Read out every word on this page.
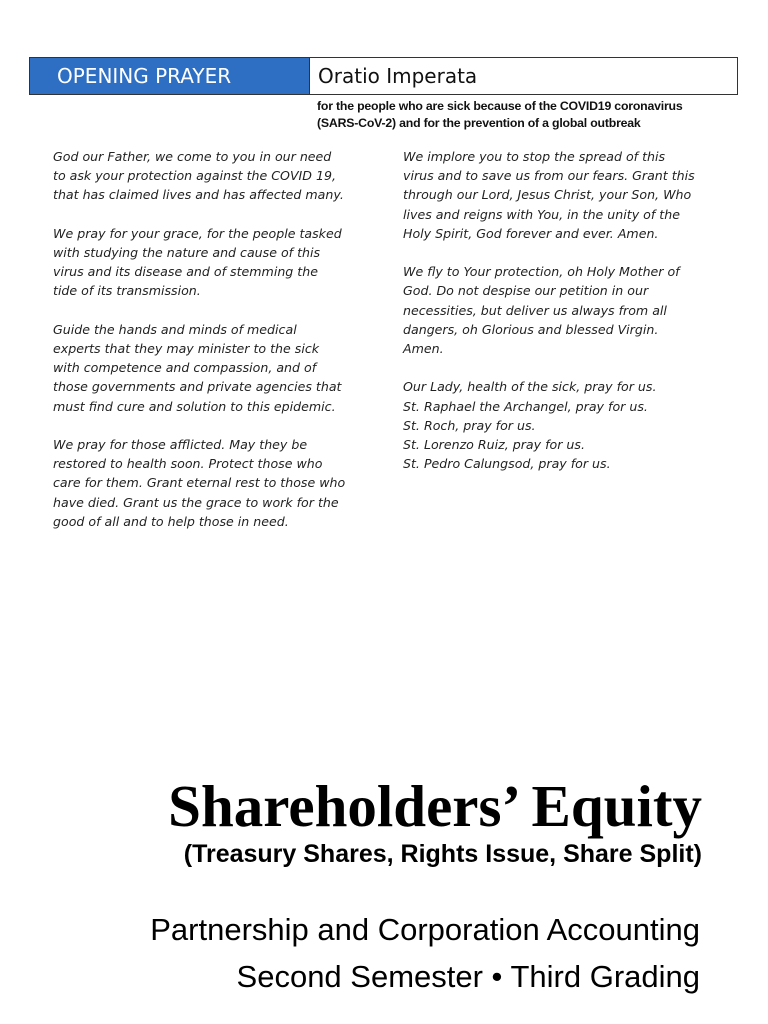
OPENING PRAYER	Oratio Imperata
for the people who are sick because of the COVID19 coronavirus
(SARS-CoV-2) and for the prevention of a global outbreak

God our Father, we come to you in our need
to ask your protection against the COVID 19,
that has claimed lives and has affected many.

We pray for your grace, for the people tasked
with studying the nature and cause of this
virus and its disease and of stemming the
tide of its transmission.

Guide the hands and minds of medical
experts that they may minister to the sick
with competence and compassion, and of
those governments and private agencies that
must find cure and solution to this epidemic.

We pray for those afflicted. May they be
restored to health soon. Protect those who
care for them. Grant eternal rest to those who
have died. Grant us the grace to work for the
good of all and to help those in need.

We implore you to stop the spread of this
virus and to save us from our fears. Grant this
through our Lord, Jesus Christ, your Son, Who
lives and reigns with You, in the unity of the
Holy Spirit, God forever and ever. Amen.

We fly to Your protection, oh Holy Mother of
God. Do not despise our petition in our
necessities, but deliver us always from all
dangers, oh Glorious and blessed Virgin.
Amen.

Our Lady, health of the sick, pray for us.
St. Raphael the Archangel, pray for us.
St. Roch, pray for us.
St. Lorenzo Ruiz, pray for us.
St. Pedro Calungsod, pray for us.

Shareholders’ Equity
(Treasury Shares, Rights Issue, Share Split)
Partnership and Corporation Accounting
Second Semester • Third Grading
